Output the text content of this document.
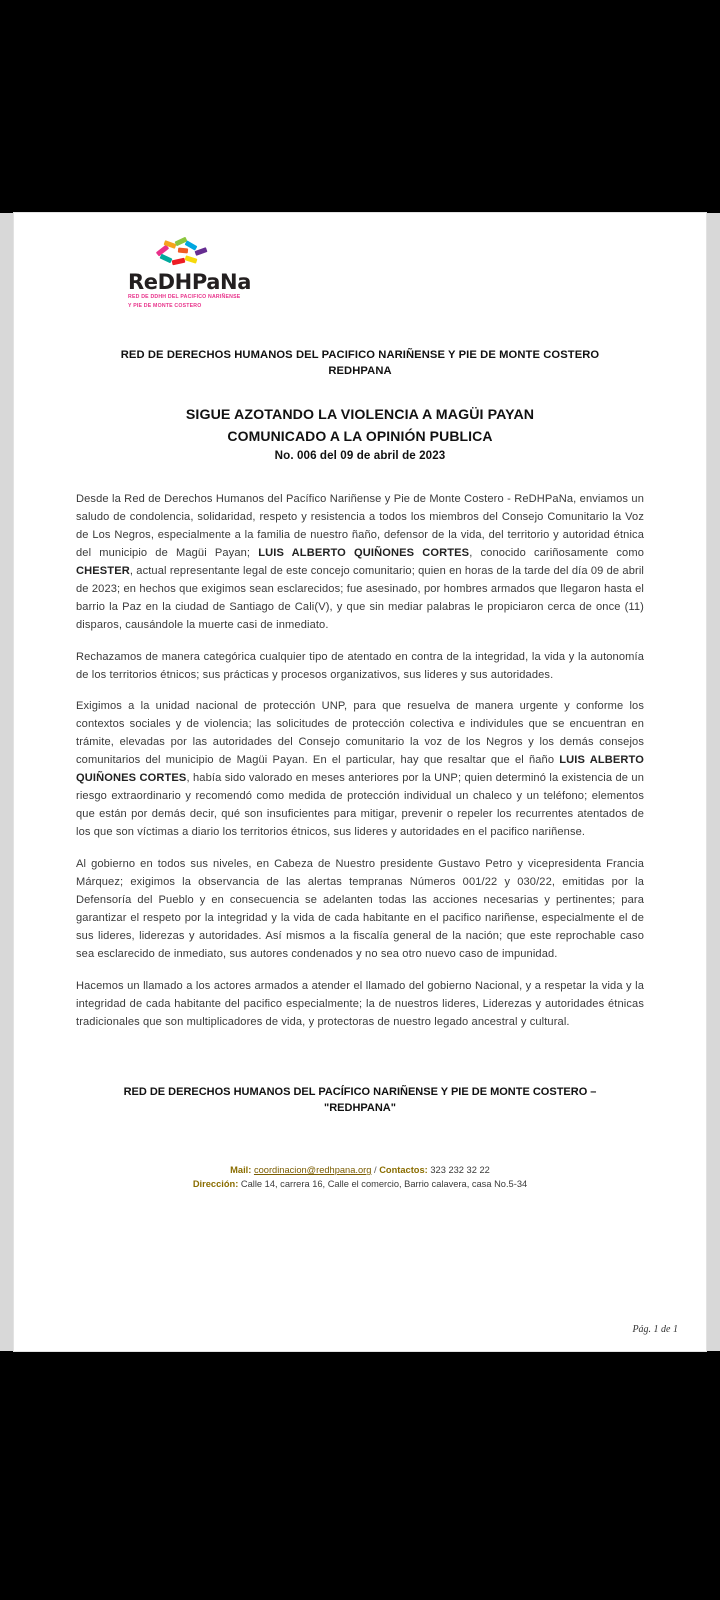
ReDHPaNa
RED DE DDHH DEL PACIFICO NARIÑENSE
Y PIE DE MONTE COSTERO
RED DE DERECHOS HUMANOS DEL PACIFICO NARIÑENSE Y PIE DE MONTE COSTERO
REDHPANA
SIGUE AZOTANDO LA VIOLENCIA A MAGÜI PAYAN
COMUNICADO A LA OPINIÓN PUBLICA
No. 006 del 09 de abril de 2023

Desde la Red de Derechos Humanos del Pacífico Nariñense y Pie de Monte Costero - ReDHPaNa, enviamos un saludo de condolencia, solidaridad, respeto y resistencia a todos los miembros del Consejo Comunitario la Voz de Los Negros, especialmente a la familia de nuestro ñaño, defensor de la vida, del territorio y autoridad étnica del municipio de Magüi Payan; LUIS ALBERTO QUIÑONES CORTES, conocido cariñosamente como CHESTER, actual representante legal de este concejo comunitario; quien en horas de la tarde del día 09 de abril de 2023; en hechos que exigimos sean esclarecidos; fue asesinado, por hombres armados que llegaron hasta el barrio la Paz en la ciudad de Santiago de Cali(V), y que sin mediar palabras le propiciaron cerca de once (11) disparos, causándole la muerte casi de inmediato.

Rechazamos de manera categórica cualquier tipo de atentado en contra de la integridad, la vida y la autonomía de los territorios étnicos; sus prácticas y procesos organizativos, sus lideres y sus autoridades.

Exigimos a la unidad nacional de protección UNP, para que resuelva de manera urgente y conforme los contextos sociales y de violencia; las solicitudes de protección colectiva e individules que se encuentran en trámite, elevadas por las autoridades del Consejo comunitario la voz de los Negros y los demás consejos comunitarios del municipio de Magüi Payan. En el particular, hay que resaltar que el ñaño LUIS ALBERTO QUIÑONES CORTES, había sido valorado en meses anteriores por la UNP; quien determinó la existencia de un riesgo extraordinario y recomendó como medida de protección individual un chaleco y un teléfono; elementos que están por demás decir, qué son insuficientes para mitigar, prevenir o repeler los recurrentes atentados de los que son víctimas a diario los territorios étnicos, sus lideres y autoridades en el pacifico nariñense.

Al gobierno en todos sus niveles, en Cabeza de Nuestro presidente Gustavo Petro y vicepresidenta Francia Márquez; exigimos la observancia de las alertas tempranas Números 001/22 y 030/22, emitidas por la Defensoría del Pueblo y en consecuencia se adelanten todas las acciones necesarias y pertinentes; para garantizar el respeto por la integridad y la vida de cada habitante en el pacifico nariñense, especialmente el de sus lideres, liderezas y autoridades. Así mismos a la fiscalía general de la nación; que este reprochable caso sea esclarecido de inmediato, sus autores condenados y no sea otro nuevo caso de impunidad.

Hacemos un llamado a los actores armados a atender el llamado del gobierno Nacional, y a respetar la vida y la integridad de cada habitante del pacifico especialmente; la de nuestros lideres, Liderezas y autoridades étnicas tradicionales que son multiplicadores de vida, y protectoras de nuestro legado ancestral y cultural.

RED DE DERECHOS HUMANOS DEL PACÍFICO NARIÑENSE Y PIE DE MONTE COSTERO –
"REDHPANA"
Mail: coordinacion@redhpana.org / Contactos: 323 232 32 22
Dirección: Calle 14, carrera 16, Calle el comercio, Barrio calavera, casa No.5-34
Pág. 1 de 1
